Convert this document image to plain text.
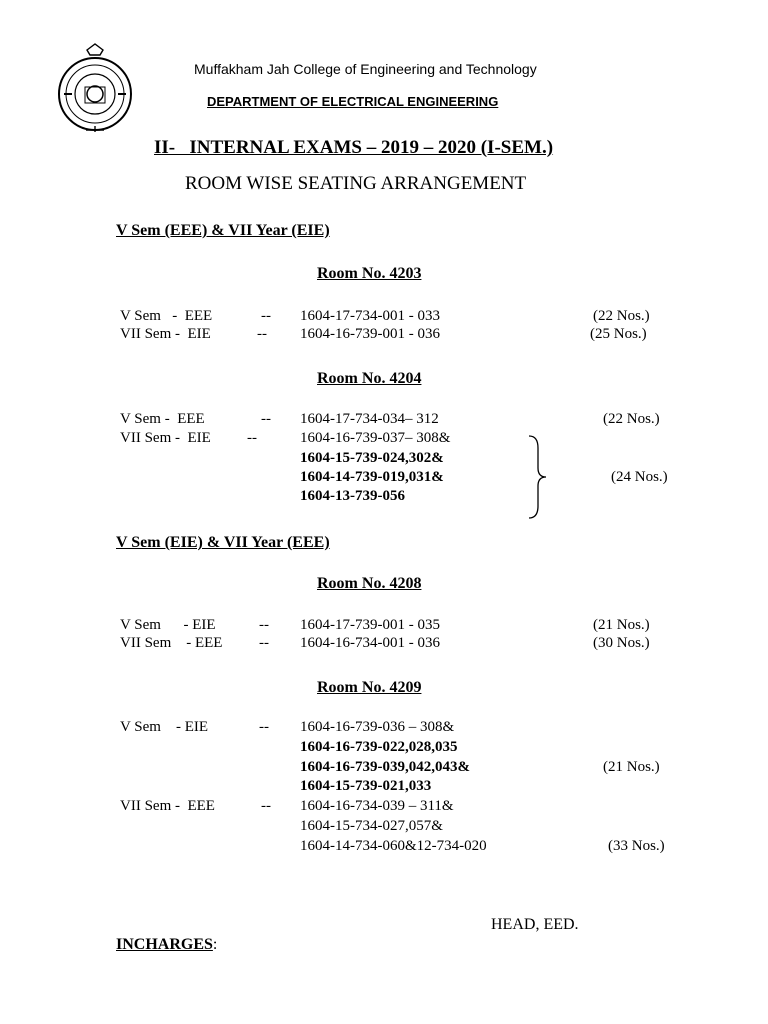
Muffakham Jah College of Engineering and Technology
DEPARTMENT OF ELECTRICAL ENGINEERING
II-   INTERNAL EXAMS – 2019 – 2020 (I-SEM.)
ROOM WISE SEATING ARRANGEMENT
V Sem (EEE) & VII Year (EIE)
Room No. 4203
V Sem   -  EEE	-- 1604-17-734-001 - 033	(22 Nos.)
VII Sem -  EIE	-- 1604-16-739-001 - 036	(25 Nos.)
Room No. 4204
V Sem -  EEE	-- 1604-17-734-034– 312	(22 Nos.)
VII Sem -  EIE --	1604-16-739-037– 308&
1604-15-739-024,302&
1604-14-739-019,031&
1604-13-739-056
(24 Nos.)
V Sem (EIE) & VII Year (EEE)
Room No. 4208
V Sem      - EIE	-- 1604-17-739-001 - 035	(21 Nos.)
VII Sem    - EEE -- 1604-16-734-001 - 036	(30 Nos.)
Room No. 4209
V Sem    - EIE	-- 1604-16-739-036 – 308&
1604-16-739-022,028,035
1604-16-739-039,042,043&	(21 Nos.)
1604-15-739-021,033
VII Sem -  EEE	-- 1604-16-734-039 – 311&
1604-15-734-027,057&
1604-14-734-060&12-734-020	(33 Nos.)
HEAD, EED.
INCHARGES:
